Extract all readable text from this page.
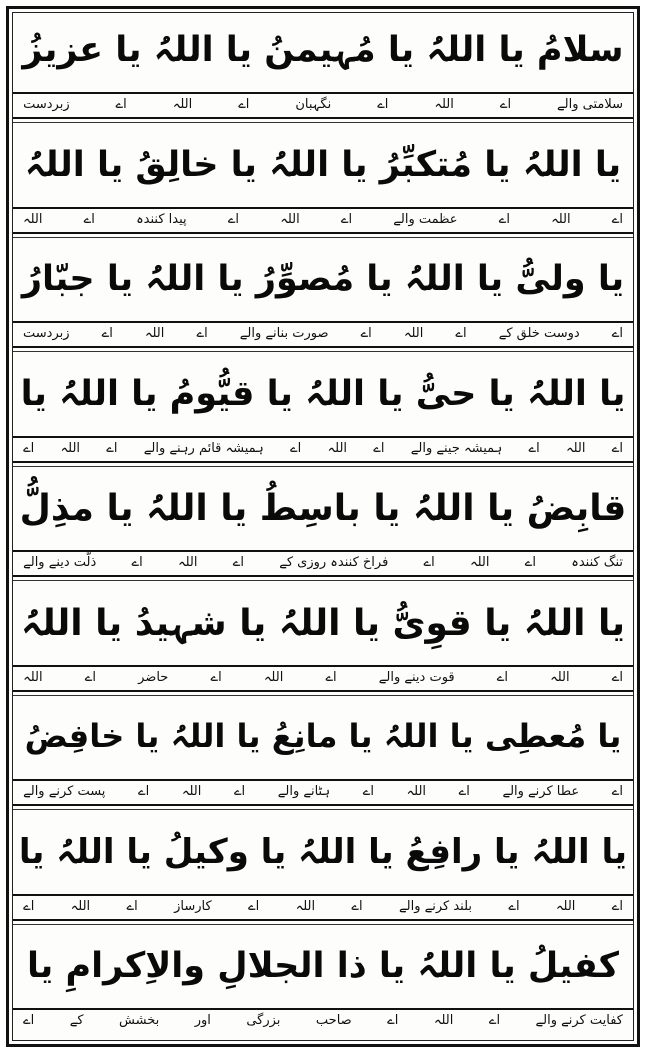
سلامُ یا اللہُ یا مُہیمنُ یا اللہُ یا عزیزُ
سلامتی والے
اے
اللہ
اے
نگہبان
اے
اللہ
اے
زبردست
یا اللہُ یا مُتکبِّرُ یا اللہُ یا خالِقُ یا اللہُ
اے
اللہ
اے
عظمت والے
اے
اللہ
اے
پیدا کنندہ
اے
اللہ
یا ولیُّ یا اللہُ یا مُصوِّرُ یا اللہُ یا جبّارُ
اے
دوست خلق کے
اے
اللہ
اے
صورت بنانے والے
اے
اللہ
اے
زبردست
یا اللہُ یا حیُّ یا اللہُ یا قیُّومُ یا اللہُ یا
اے
اللہ
اے
ہمیشہ جینے والے
اے
اللہ
اے
ہمیشہ قائم رہنے والے
اے
اللہ
اے
قابِضُ یا اللہُ یا باسِطُ یا اللہُ یا مذِلُّ
تنگ کنندہ
اے
اللہ
اے
فراخ کنندہ روزی کے
اے
اللہ
اے
ذلّت دینے والے
یا اللہُ یا قوِیُّ یا اللہُ یا شہیدُ یا اللہُ
اے
اللہ
اے
قوت دینے والے
اے
اللہ
اے
حاضر
اے
اللہ
یا مُعطِی یا اللہُ یا مانِعُ یا اللہُ یا خافِضُ
اے
عطا کرنے والے
اے
اللہ
اے
ہٹانے والے
اے
اللہ
اے
پست کرنے والے
یا اللہُ یا رافِعُ یا اللہُ یا وکیلُ یا اللہُ یا
اے
اللہ
اے
بلند کرنے والے
اے
اللہ
اے
کارساز
اے
اللہ
اے
کفیلُ یا اللہُ یا ذا الجلالِ والاِکرامِ یا
کفایت کرنے والے
اے
اللہ
اے
صاحب
بزرگی
اور
بخشش
کے
اے
